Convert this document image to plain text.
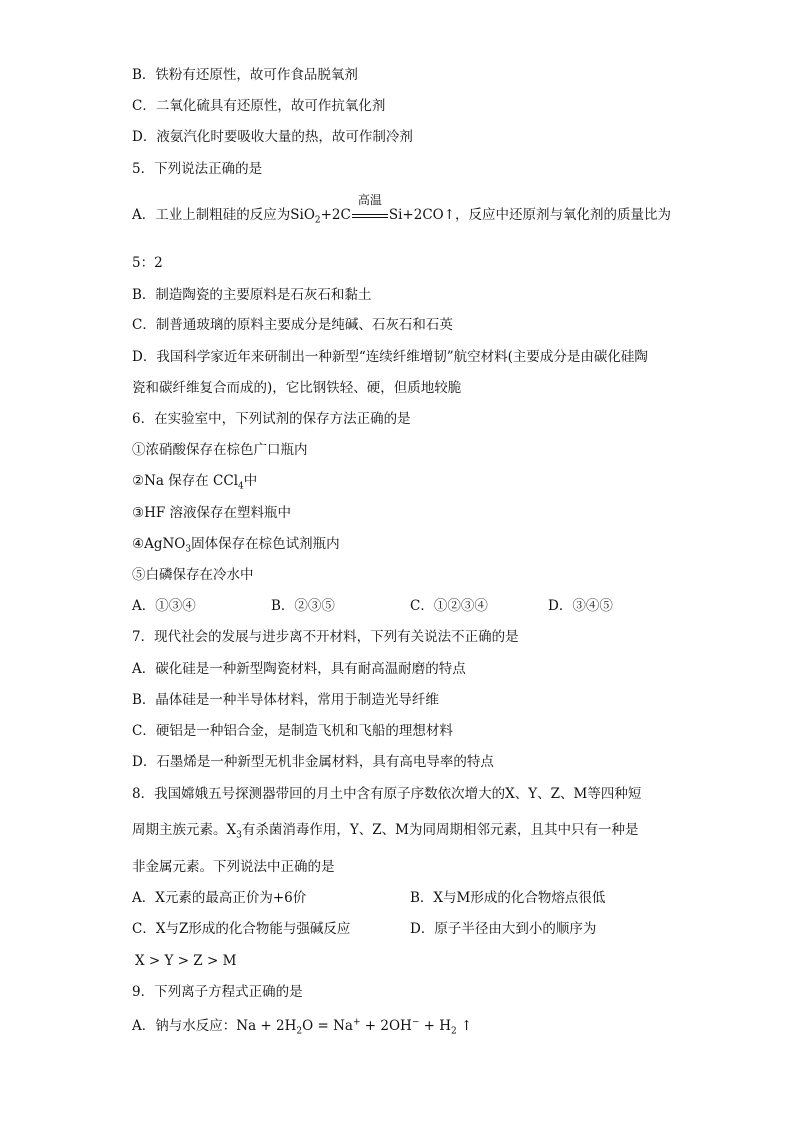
B．铁粉有还原性，故可作食品脱氧剂
C．二氧化硫具有还原性，故可作抗氧化剂
D．液氨汽化时要吸收大量的热，故可作制冷剂
5．下列说法正确的是
A．工业上制粗硅的反应为SiO$_2$+2C
高温
Si+2CO↑，反应中还原剂与氧化剂的质量比为
5：2
B．制造陶瓷的主要原料是石灰石和黏土
C．制普通玻璃的原料主要成分是纯碱、石灰石和石英
D．我国科学家近年来研制出一种新型“连续纤维增韧”航空材料(主要成分是由碳化硅陶
瓷和碳纤维复合而成的)，它比钢铁轻、硬，但质地较脆
6．在实验室中，下列试剂的保存方法正确的是
①浓硝酸保存在棕色广口瓶内
②Na 保存在 CCl$_4$中
③HF 溶液保存在塑料瓶中
④AgNO$_3$固体保存在棕色试剂瓶内
⑤白磷保存在冷水中
A．①③④	B．②③⑤	C．①②③④	D．③④⑤
7．现代社会的发展与进步离不开材料，下列有关说法不正确的是
A．碳化硅是一种新型陶瓷材料，具有耐高温耐磨的特点
B．晶体硅是一种半导体材料，常用于制造光导纤维
C．硬铝是一种铝合金，是制造飞机和飞船的理想材料
D．石墨烯是一种新型无机非金属材料，具有高电导率的特点
8．我国嫦娥五号探测器带回的月土中含有原子序数依次增大的X、Y、Z、M等四种短
周期主族元素。$X_3$有杀菌消毒作用，Y、Z、M为同周期相邻元素，且其中只有一种是
非金属元素。下列说法中正确的是
A．X元素的最高正价为+6价	B．X与M形成的化合物熔点很低
C．X与Z形成的化合物能与强碱反应	D．原子半径由大到小的顺序为
X > Y > Z > M
9．下列离子方程式正确的是
A．钠与水反应：$Na + 2H_2O = Na^+ + 2OH^- + H_2$ ↑
